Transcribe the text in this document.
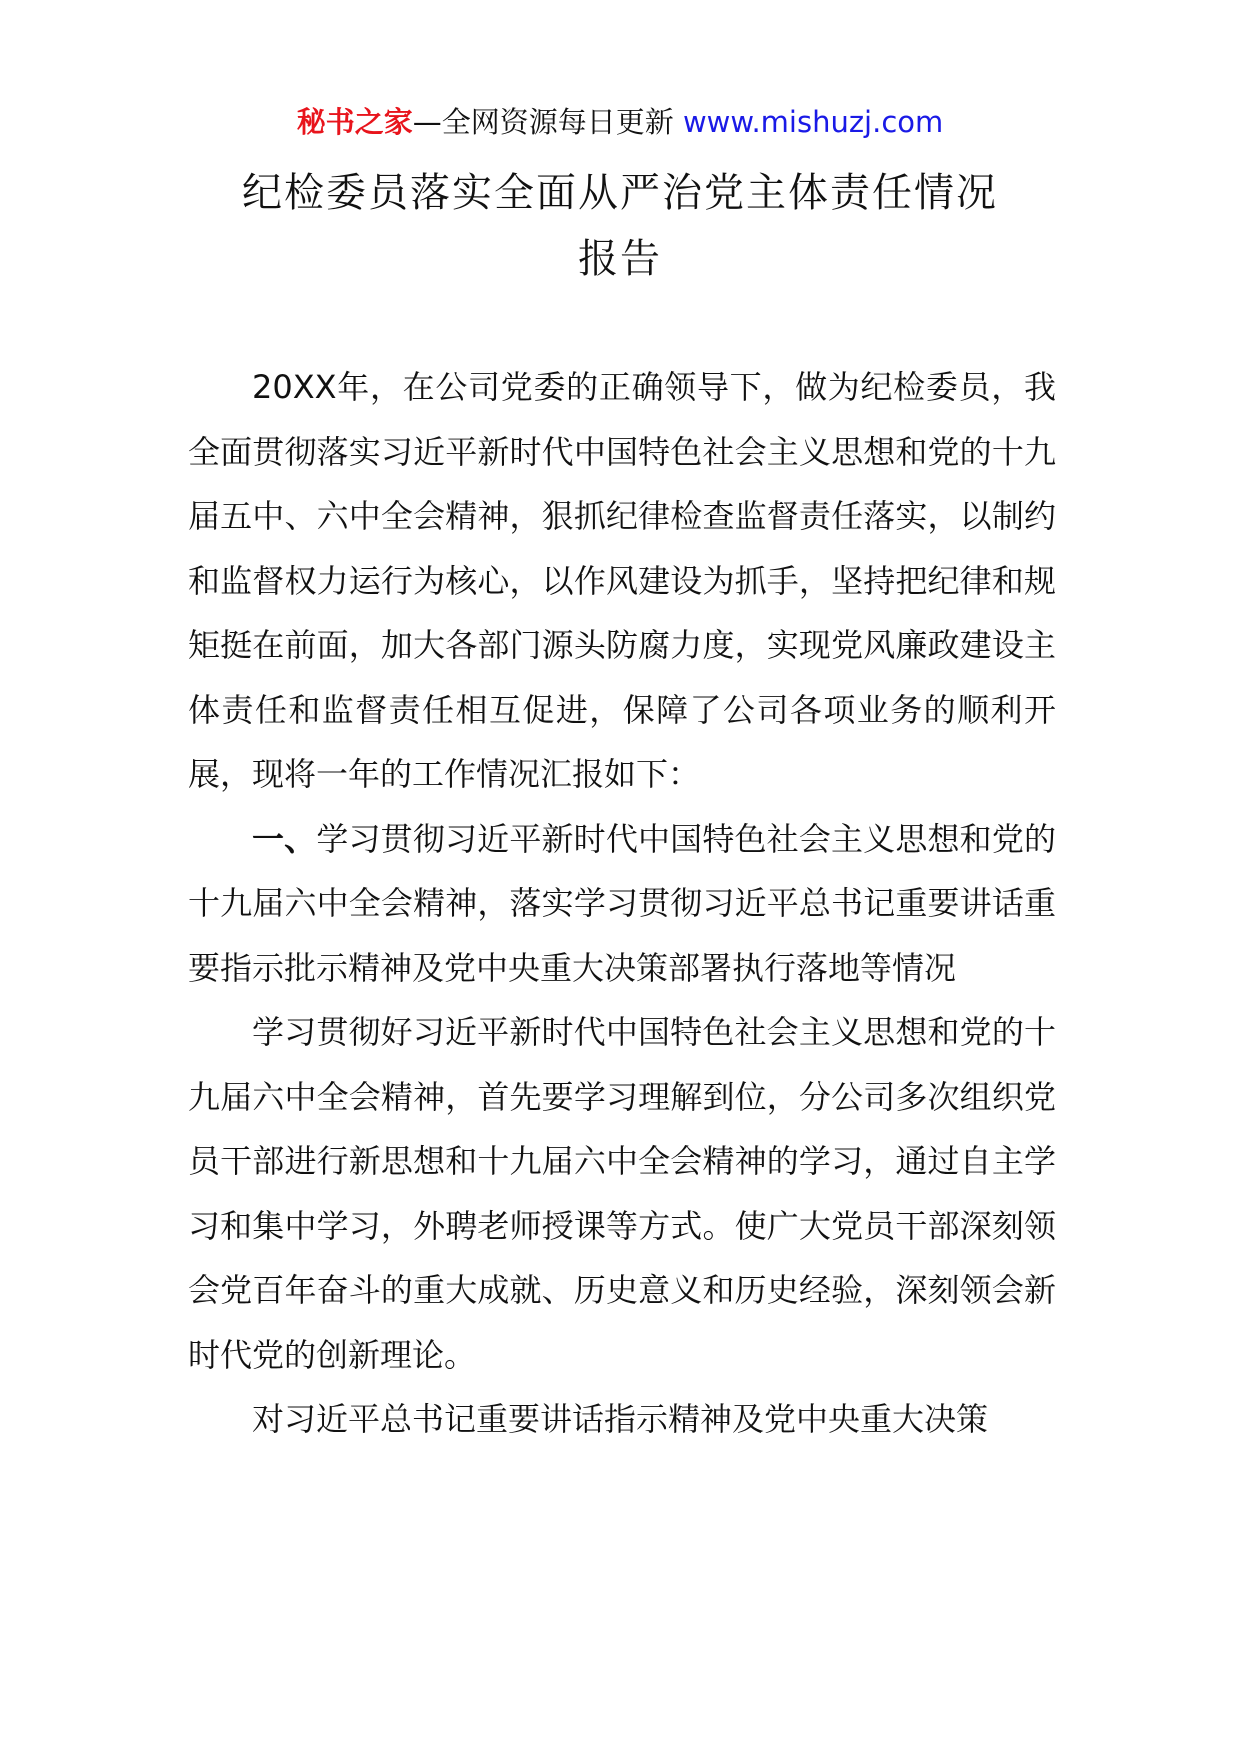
秘书之家—全网资源每日更新 www.mishuzj.com
纪检委员落实全面从严治党主体责任情况
报告

20XX年，在公司党委的正确领导下，做为纪检委员，我全面贯彻落实习近平新时代中国特色社会主义思想和党的十九届五中、六中全会精神，狠抓纪律检查监督责任落实，以制约和监督权力运行为核心，以作风建设为抓手，坚持把纪律和规矩挺在前面，加大各部门源头防腐力度，实现党风廉政建设主体责任和监督责任相互促进，保障了公司各项业务的顺利开展，现将一年的工作情况汇报如下：

一、学习贯彻习近平新时代中国特色社会主义思想和党的十九届六中全会精神，落实学习贯彻习近平总书记重要讲话重要指示批示精神及党中央重大决策部署执行落地等情况

学习贯彻好习近平新时代中国特色社会主义思想和党的十九届六中全会精神，首先要学习理解到位，分公司多次组织党员干部进行新思想和十九届六中全会精神的学习，通过自主学习和集中学习，外聘老师授课等方式。使广大党员干部深刻领会党百年奋斗的重大成就、历史意义和历史经验，深刻领会新时代党的创新理论。

对习近平总书记重要讲话指示精神及党中央重大决策
